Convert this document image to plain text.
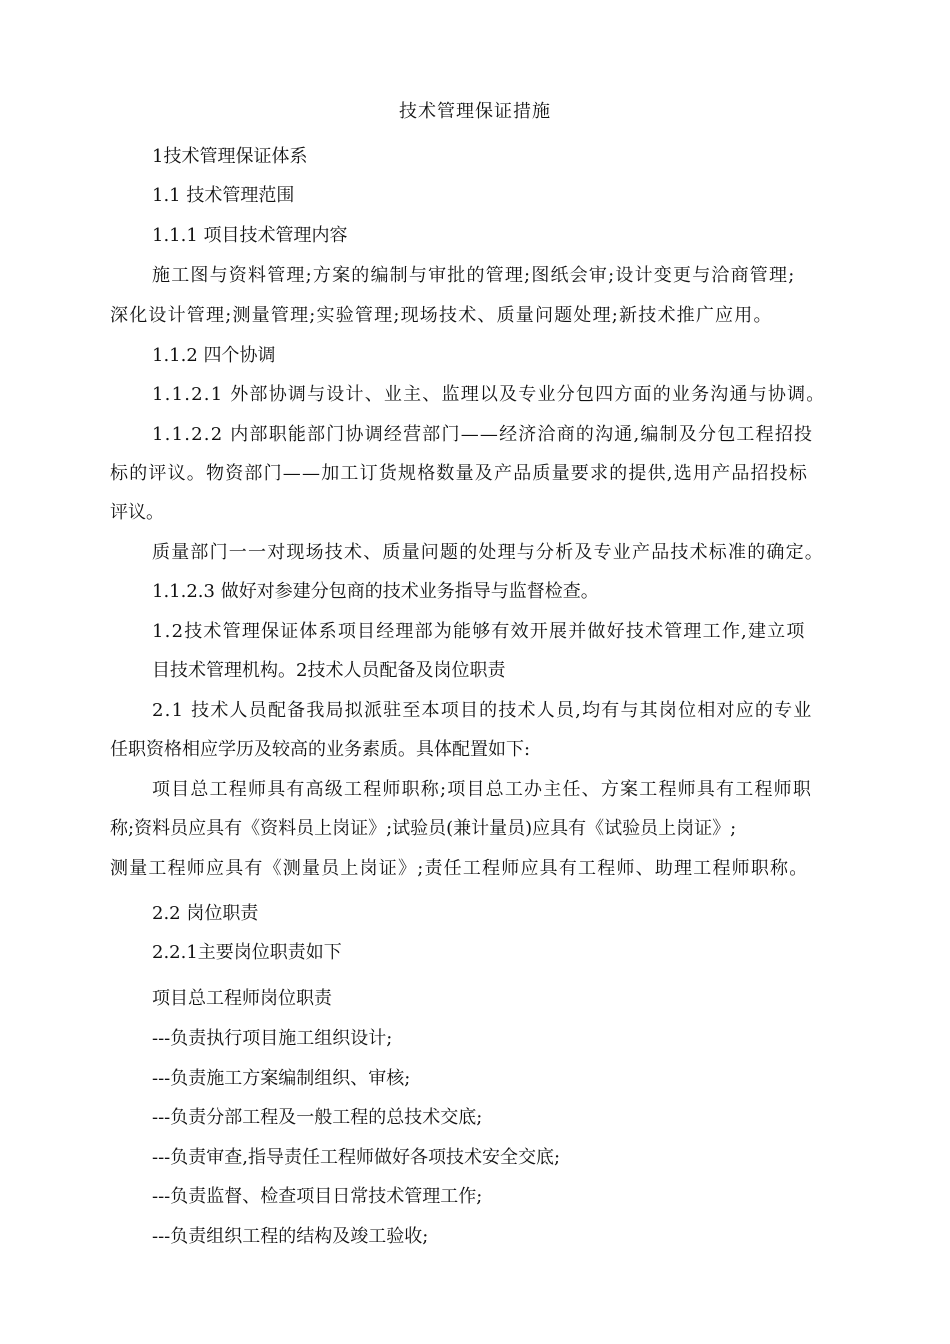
技术管理保证措施
1技术管理保证体系
1.1 技术管理范围
1.1.1 项目技术管理内容
施工图与资料管理;方案的编制与审批的管理;图纸会审;设计变更与洽商管理;
深化设计管理;测量管理;实验管理;现场技术、质量问题处理;新技术推广应用。
1.1.2 四个协调
1.1.2.1 外部协调与设计、业主、监理以及专业分包四方面的业务沟通与协调。
1.1.2.2 内部职能部门协调经营部门——经济洽商的沟通,编制及分包工程招投
标的评议。物资部门——加工订货规格数量及产品质量要求的提供,选用产品招投标
评议。
质量部门一一对现场技术、质量问题的处理与分析及专业产品技术标准的确定。
1.1.2.3 做好对参建分包商的技术业务指导与监督检查。
1.2技术管理保证体系项目经理部为能够有效开展并做好技术管理工作,建立项
目技术管理机构。2技术人员配备及岗位职责
2.1 技术人员配备我局拟派驻至本项目的技术人员,均有与其岗位相对应的专业
任职资格相应学历及较高的业务素质。具体配置如下:
项目总工程师具有高级工程师职称;项目总工办主任、方案工程师具有工程师职
称;资料员应具有《资料员上岗证》;试验员(兼计量员)应具有《试验员上岗证》;
测量工程师应具有《测量员上岗证》;责任工程师应具有工程师、助理工程师职称。
2.2 岗位职责
2.2.1主要岗位职责如下
项目总工程师岗位职责
---负责执行项目施工组织设计;
---负责施工方案编制组织、审核;
---负责分部工程及一般工程的总技术交底;
---负责审查,指导责任工程师做好各项技术安全交底;
---负责监督、检查项目日常技术管理工作;
---负责组织工程的结构及竣工验收;
